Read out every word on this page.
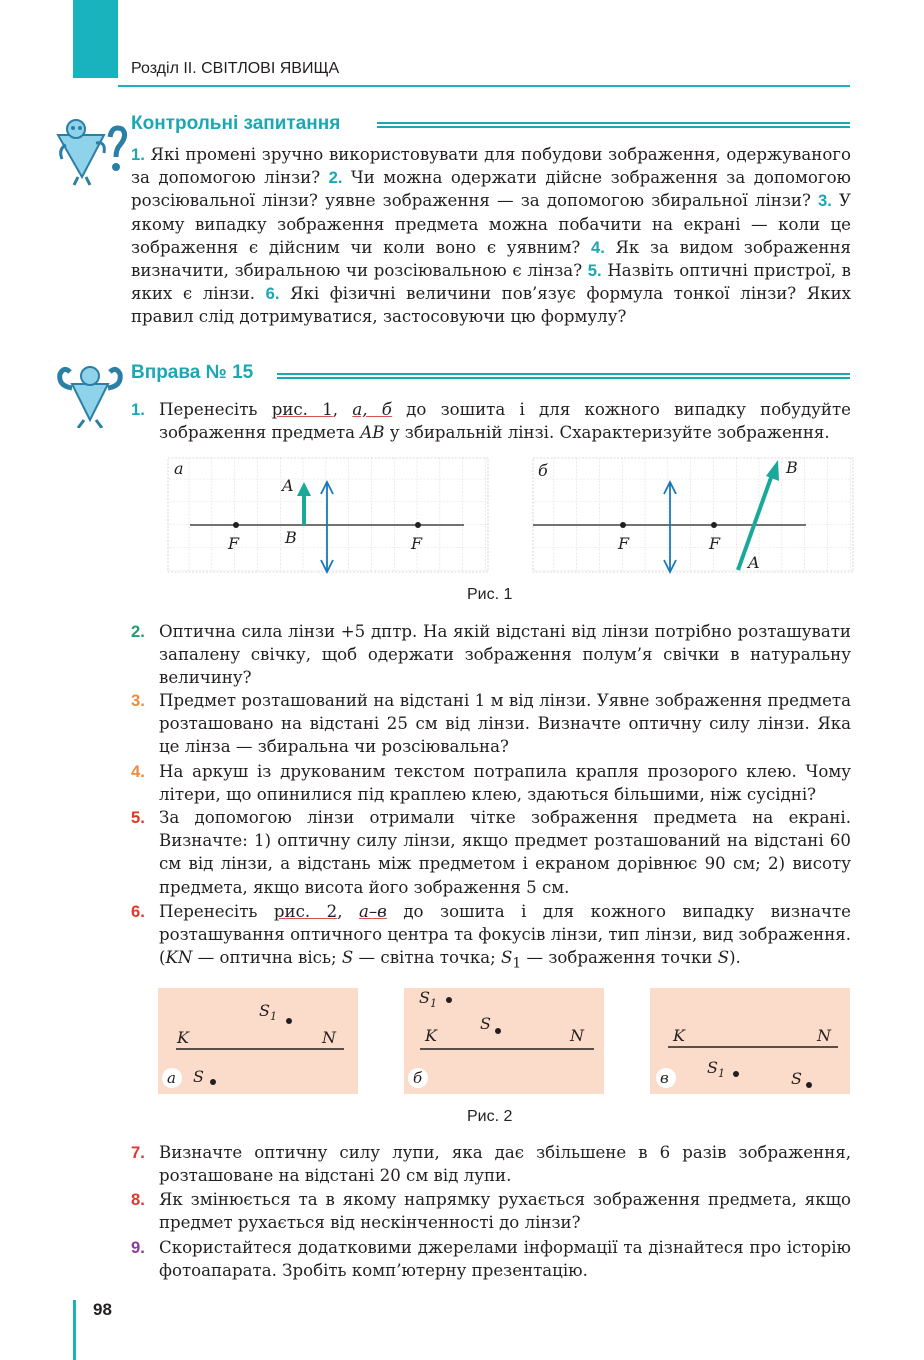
Розділ ІІ. СВІТЛОВІ ЯВИЩА
Контрольні запитання
1. Які промені зручно використовувати для побудови зображення, одержуваного за допомогою лінзи? 2. Чи можна одержати дійсне зображення за допомогою розсіювальної лінзи? уявне зображення — за допомогою збиральної лінзи? 3. У якому випадку зображення предмета можна побачити на екрані — коли це зображення є дійсним чи коли воно є уявним? 4. Як за видом зображення визначити, збиральною чи розсіювальною є лінза? 5. Назвіть оптичні пристрої, в яких є лінзи. 6. Які фізичні величини пов’язує формула тонкої лінзи? Яких правил слід дотримуватися, застосовуючи цю формулу?
Вправа № 15
1. Перенесіть рис. 1, а, б до зошита і для кожного випадку побудуйте зображення предмета AB у збиральній лінзі. Схарактеризуйте зображення.
а
A
B
F	F
б	B
A
F	F
Рис. 1
2. Оптична сила лінзи +5 дптр. На якій відстані від лінзи потрібно розташувати запалену свічку, щоб одержати зображення полум’я свічки в натуральну величину?
3. Предмет розташований на відстані 1 м від лінзи. Уявне зображення предмета розташовано на відстані 25 см від лінзи. Визначте оптичну силу лінзи. Яка це лінза — збиральна чи розсіювальна?
4. На аркуш із друкованим текстом потрапила крапля прозорого клею. Чому літери, що опинилися під краплею клею, здаються більшими, ніж сусідні?
5. За допомогою лінзи отримали чітке зображення предмета на екрані. Визначте: 1) оптичну силу лінзи, якщо предмет розташований на відстані 60 см від лінзи, а відстань між предметом і екраном дорівнює 90 см; 2) висоту предмета, якщо висота його зображення 5 см.
6. Перенесіть рис. 2, а–в до зошита і для кожного випадку визначте розташування оптичного центра та фокусів лінзи, тип лінзи, вид зображення. (KN — оптична вісь; S — світна точка; $S_1$ — зображення точки S).
K	N
$S_1$
S
а
$S_1$
S
K	N
б
K	N
$S_1$	S
в
Рис. 2
7. Визначте оптичну силу лупи, яка дає збільшене в 6 разів зображення, розташоване на відстані 20 см від лупи.
8. Як змінюється та в якому напрямку рухається зображення предмета, якщо предмет рухається від нескінченності до лінзи?
9. Скористайтеся додатковими джерелами інформації та дізнайтеся про історію фотоапарата. Зробіть комп’ютерну презентацію.
98
